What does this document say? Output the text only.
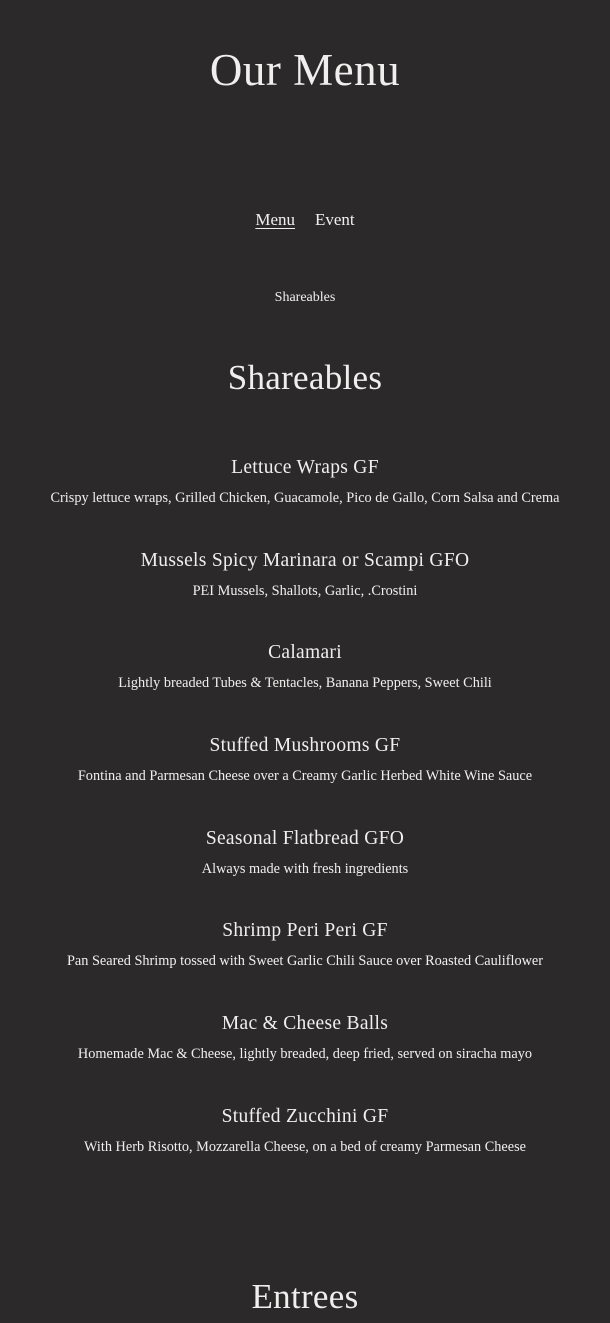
Our Menu
Menu Event
Shareables
Shareables
Lettuce Wraps GF
Crispy lettuce wraps, Grilled Chicken, Guacamole, Pico de Gallo, Corn Salsa and Crema
Mussels Spicy Marinara or Scampi GFO
PEI Mussels, Shallots, Garlic, .Crostini
Calamari
Lightly breaded Tubes & Tentacles, Banana Peppers, Sweet Chili
Stuffed Mushrooms GF
Fontina and Parmesan Cheese over a Creamy Garlic Herbed White Wine Sauce
Seasonal Flatbread GFO
Always made with fresh ingredients
Shrimp Peri Peri GF
Pan Seared Shrimp tossed with Sweet Garlic Chili Sauce over Roasted Cauliflower
Mac & Cheese Balls
Homemade Mac & Cheese, lightly breaded, deep fried, served on siracha mayo
Stuffed Zucchini GF
With Herb Risotto, Mozzarella Cheese, on a bed of creamy Parmesan Cheese
Entrees
